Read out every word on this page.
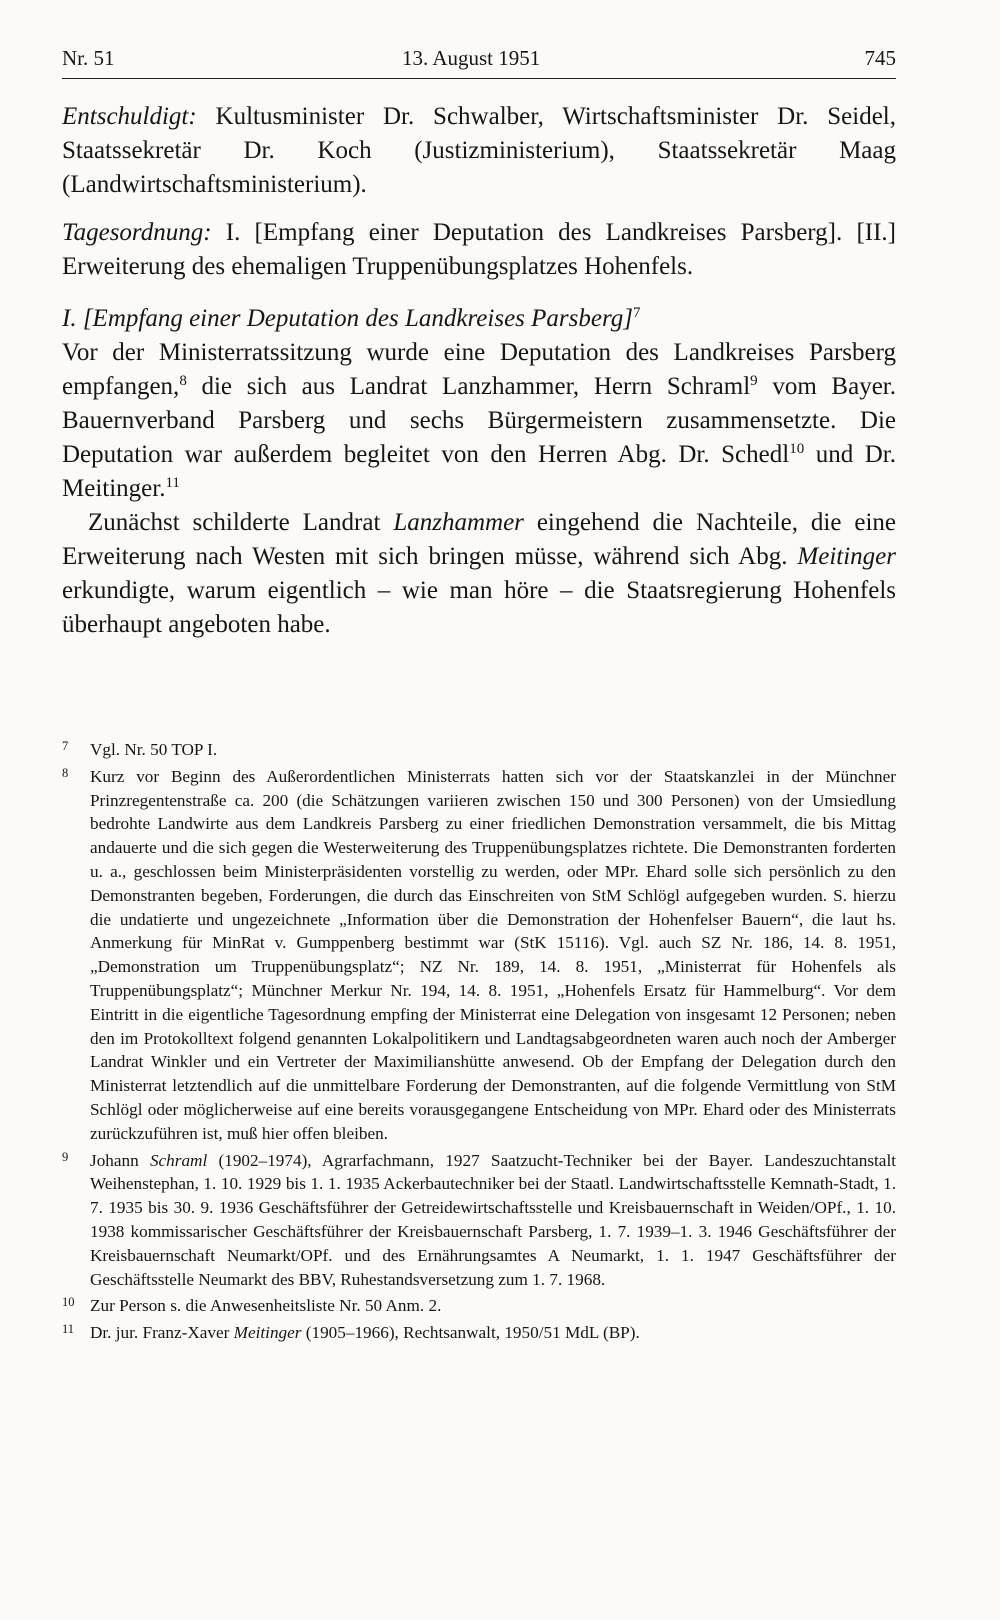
Nr. 51	13. August 1951	745

Entschuldigt: Kultusminister Dr. Schwalber, Wirtschaftsminister Dr. Seidel, Staatssekretär Dr. Koch (Justizministerium), Staatssekretär Maag (Landwirtschaftsministerium).

Tagesordnung: I. [Empfang einer Deputation des Landkreises Parsberg]. [II.] Erweiterung des ehemaligen Truppenübungsplatzes Hohenfels.

I. [Empfang einer Deputation des Landkreises Parsberg]$^7$

Vor der Ministerratssitzung wurde eine Deputation des Landkreises Parsberg empfangen,$^8$ die sich aus Landrat Lanzhammer, Herrn Schraml$^9$ vom Bayer. Bauernverband Parsberg und sechs Bürgermeistern zusammensetzte. Die Deputation war außerdem begleitet von den Herren Abg. Dr. Schedl$^{10}$ und Dr. Meitinger.$^{11}$

Zunächst schilderte Landrat Lanzhammer eingehend die Nachteile, die eine Erweiterung nach Westen mit sich bringen müsse, während sich Abg. Meitinger erkundigte, warum eigentlich – wie man höre – die Staatsregierung Hohenfels überhaupt angeboten habe.

7	Vgl. Nr. 50 TOP I.
8	Kurz vor Beginn des Außerordentlichen Ministerrats hatten sich vor der Staatskanzlei in der Münchner Prinzregentenstraße ca. 200 (die Schätzungen variieren zwischen 150 und 300 Personen) von der Umsiedlung bedrohte Landwirte aus dem Landkreis Parsberg zu einer friedlichen Demonstration versammelt, die bis Mittag andauerte und die sich gegen die Westerweiterung des Truppenübungsplatzes richtete. Die Demonstranten forderten u. a., geschlossen beim Ministerpräsidenten vorstellig zu werden, oder MPr. Ehard solle sich persönlich zu den Demonstranten begeben, Forderungen, die durch das Einschreiten von StM Schlögl aufgegeben wurden. S. hierzu die undatierte und ungezeichnete „Information über die Demonstration der Hohenfelser Bauern“, die laut hs. Anmerkung für MinRat v. Gumppenberg bestimmt war (StK 15116). Vgl. auch SZ Nr. 186, 14. 8. 1951, „Demonstration um Truppenübungsplatz“; NZ Nr. 189, 14. 8. 1951, „Ministerrat für Hohenfels als Truppenübungsplatz“; Münchner Merkur Nr. 194, 14. 8. 1951, „Hohenfels Ersatz für Hammelburg“. Vor dem Eintritt in die eigentliche Tagesordnung empfing der Ministerrat eine Delegation von insgesamt 12 Personen; neben den im Protokolltext folgend genannten Lokalpolitikern und Landtagsabgeordneten waren auch noch der Amberger Landrat Winkler und ein Vertreter der Maximilianshütte anwesend. Ob der Empfang der Delegation durch den Ministerrat letztendlich auf die unmittelbare Forderung der Demonstranten, auf die folgende Vermittlung von StM Schlögl oder möglicherweise auf eine bereits vorausgegangene Entscheidung von MPr. Ehard oder des Ministerrats zurückzuführen ist, muß hier offen bleiben.
9	Johann Schraml (1902–1974), Agrarfachmann, 1927 Saatzucht-Techniker bei der Bayer. Landeszuchtanstalt Weihenstephan, 1. 10. 1929 bis 1. 1. 1935 Ackerbautechniker bei der Staatl. Landwirtschaftsstelle Kemnath-Stadt, 1. 7. 1935 bis 30. 9. 1936 Geschäftsführer der Getreidewirtschaftsstelle und Kreisbauernschaft in Weiden/OPf., 1. 10. 1938 kommissarischer Geschäftsführer der Kreisbauernschaft Parsberg, 1. 7. 1939–1. 3. 1946 Geschäftsführer der Kreisbauernschaft Neumarkt/OPf. und des Ernährungsamtes A Neumarkt, 1. 1. 1947 Geschäftsführer der Geschäftsstelle Neumarkt des BBV, Ruhestandsversetzung zum 1. 7. 1968.
10 Zur Person s. die Anwesenheitsliste Nr. 50 Anm. 2.
11 Dr. jur. Franz-Xaver Meitinger (1905–1966), Rechtsanwalt, 1950/51 MdL (BP).
